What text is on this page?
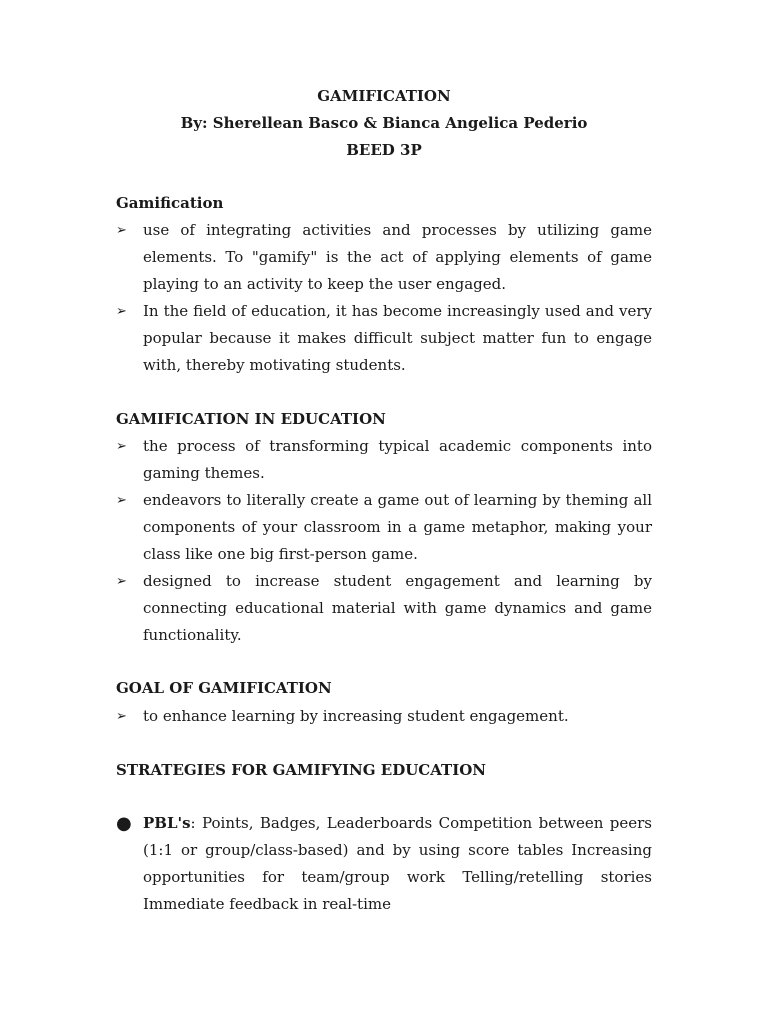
GAMIFICATION
By: Sherellean Basco & Bianca Angelica Pederio
BEED 3P
Gamification
➢	use of integrating activities and processes by utilizing game elements. To "gamify" is the act of applying elements of game playing to an activity to keep the user engaged.
➢	In the field of education, it has become increasingly used and very popular because it makes difficult subject matter fun to engage with, thereby motivating students.
GAMIFICATION IN EDUCATION
➢	the process of transforming typical academic components into gaming themes.
➢	endeavors to literally create a game out of learning by theming all components of your classroom in a game metaphor, making your class like one big first-person game.
➢	designed to increase student engagement and learning by connecting educational material with game dynamics and game functionality.
GOAL OF GAMIFICATION
➢	to enhance learning by increasing student engagement.
STRATEGIES FOR GAMIFYING EDUCATION
● PBL's: Points, Badges, Leaderboards Competition between peers (1:1 or group/class-based) and by using score tables Increasing opportunities for team/group work Telling/retelling stories Immediate feedback in real-time
